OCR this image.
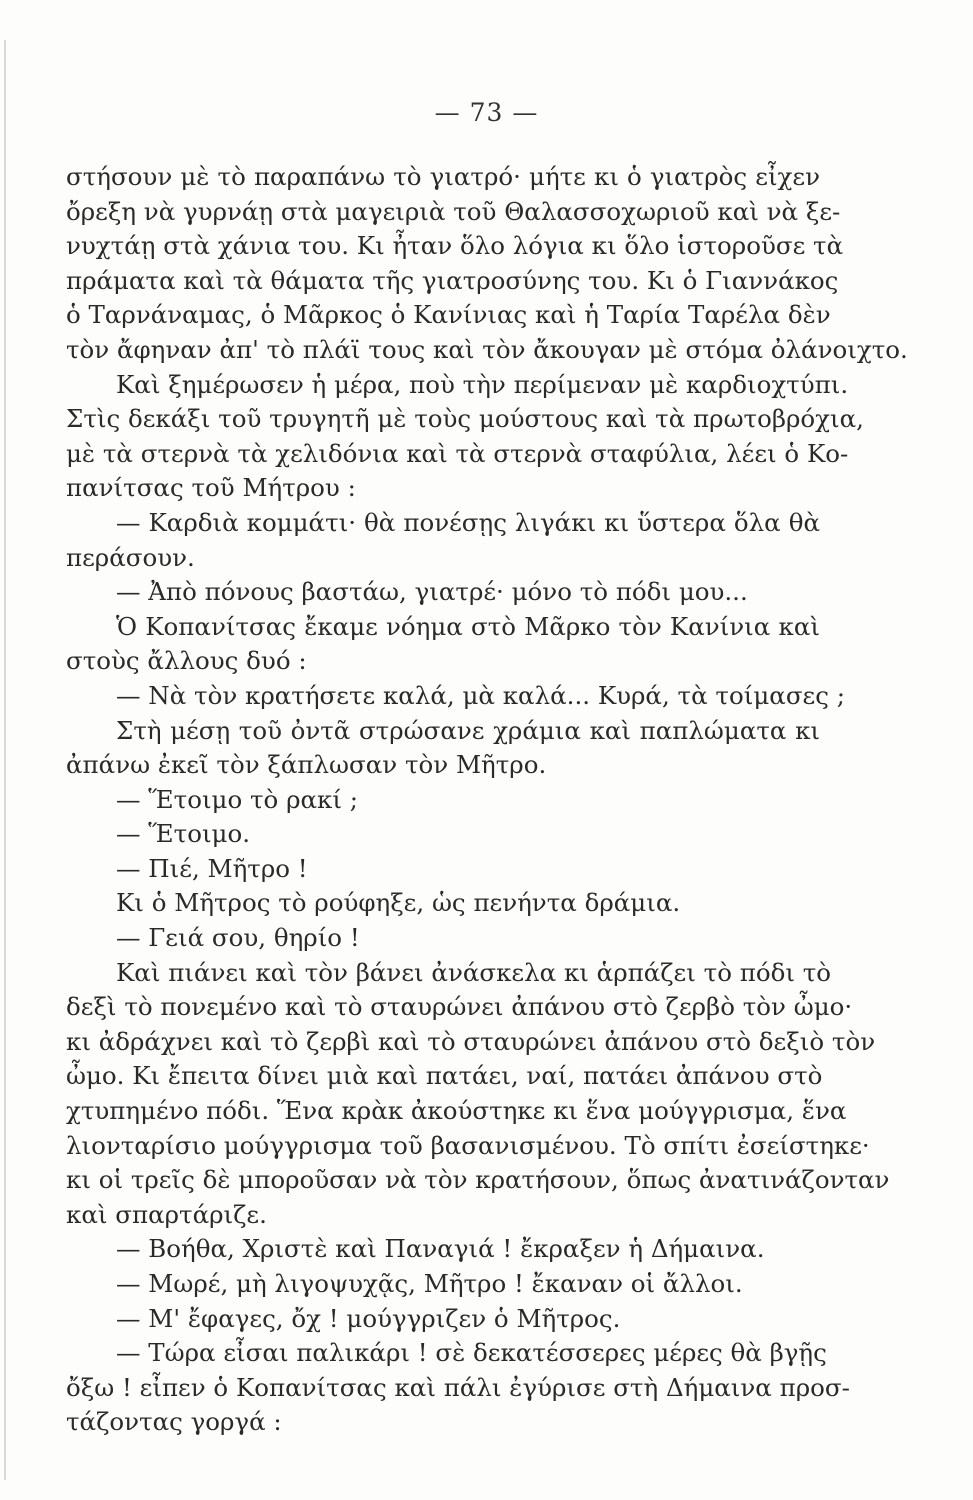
— 73 —
στήσουν μὲ τὸ παραπάνω τὸ γιατρό· μήτε κι ὁ γιατρὸς εἶχεν
ὄρεξη νὰ γυρνάῃ στὰ μαγειριὰ τοῦ Θαλασσοχωριοῦ καὶ νὰ ξε-
νυχτάῃ στὰ χάνια του. Κι ἦταν ὅλο λόγια κι ὅλο ἱστοροῦσε τὰ
πράματα καὶ τὰ θάματα τῆς γιατροσύνης του. Κι ὁ Γιαννάκος
ὁ Ταρνάναμας, ὁ Μᾶρκος ὁ Κανίνιας καὶ ἡ Ταρία Ταρέλα δὲν
τὸν ἄφηναν ἀπ' τὸ πλάϊ τους καὶ τὸν ἄκουγαν μὲ στόμα ὀλάνοιχτο.
Καὶ ξημέρωσεν ἡ μέρα, ποὺ τὴν περίμεναν μὲ καρδιοχτύπι.
Στὶς δεκάξι τοῦ τρυγητῆ μὲ τοὺς μούστους καὶ τὰ πρωτοβρόχια,
μὲ τὰ στερνὰ τὰ χελιδόνια καὶ τὰ στερνὰ σταφύλια, λέει ὁ Κο-
πανίτσας τοῦ Μήτρου :
— Καρδιὰ κομμάτι· θὰ πονέσῃς λιγάκι κι ὕστερα ὅλα θὰ
περάσουν.
— Ἀπὸ πόνους βαστάω, γιατρέ· μόνο τὸ πόδι μου...
Ὁ Κοπανίτσας ἔκαμε νόημα στὸ Μᾶρκο τὸν Κανίνια καὶ
στοὺς ἄλλους δυό :
— Νὰ τὸν κρατήσετε καλά, μὰ καλά... Κυρά, τὰ τοίμασες ;
Στὴ μέσῃ τοῦ ὀντᾶ στρώσανε χράμια καὶ παπλώματα κι
ἀπάνω ἐκεῖ τὸν ξάπλωσαν τὸν Μῆτρο.
— Ἕτοιμο τὸ ρακί ;
— Ἕτοιμο.
— Πιέ, Μῆτρο !
Κι ὁ Μῆτρος τὸ ρούφηξε, ὡς πενήντα δράμια.
— Γειά σου, θηρίο !
Καὶ πιάνει καὶ τὸν βάνει ἀνάσκελα κι ἁρπάζει τὸ πόδι τὸ
δεξὶ τὸ πονεμένο καὶ τὸ σταυρώνει ἀπάνου στὸ ζερβὸ τὸν ὦμο·
κι ἀδράχνει καὶ τὸ ζερβὶ καὶ τὸ σταυρώνει ἀπάνου στὸ δεξιὸ τὸν
ὦμο. Κι ἔπειτα δίνει μιὰ καὶ πατάει, ναί, πατάει ἀπάνου στὸ
χτυπημένο πόδι. Ἕνα κρὰκ ἀκούστηκε κι ἕνα μούγγρισμα, ἕνα
λιονταρίσιο μούγγρισμα τοῦ βασανισμένου. Τὸ σπίτι ἐσείστηκε·
κι οἱ τρεῖς δὲ μποροῦσαν νὰ τὸν κρατήσουν, ὅπως ἀνατινάζονταν
καὶ σπαρτάριζε.
— Βοήθα, Χριστὲ καὶ Παναγιά ! ἔκραξεν ἡ Δήμαινα.
— Μωρέ, μὴ λιγοψυχᾷς, Μῆτρο ! ἔκαναν οἱ ἄλλοι.
— Μ' ἔφαγες, ὄχ ! μούγγριζεν ὁ Μῆτρος.
— Τώρα εἶσαι παλικάρι ! σὲ δεκατέσσερες μέρες θὰ βγῇς
ὄξω ! εἶπεν ὁ Κοπανίτσας καὶ πάλι ἐγύρισε στὴ Δήμαινα προσ-
τάζοντας γοργά :
